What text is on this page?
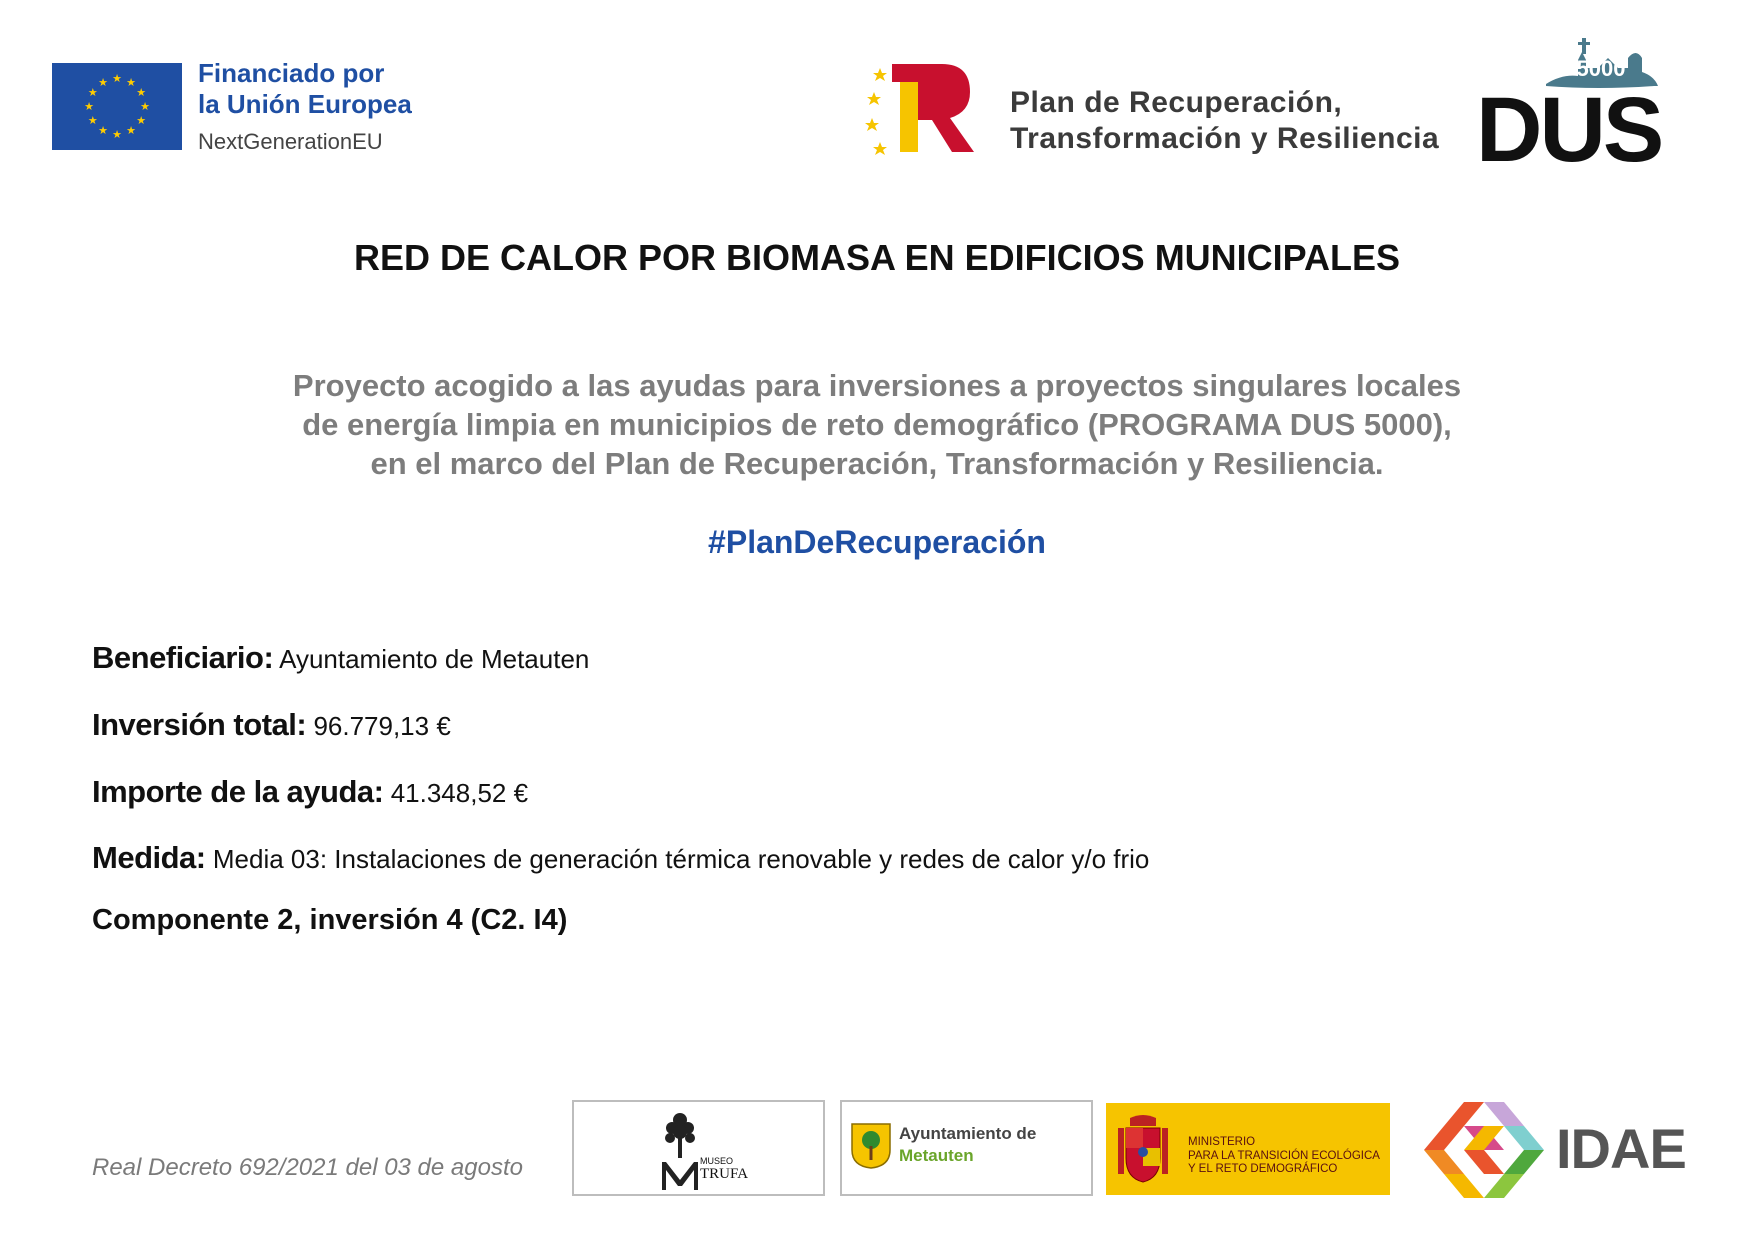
★ ★
★
★
★
★
★
★
★
★
★
★	Financiado por
la Unión Europea
NextGenerationEU
Plan de Recuperación,
Transformación y Resiliencia
5000
DUS
RED DE CALOR POR BIOMASA EN EDIFICIOS MUNICIPALES
Proyecto acogido a las ayudas para inversiones a proyectos singulares locales
de energía limpia en municipios de reto demográfico (PROGRAMA DUS 5000),
en el marco del Plan de Recuperación, Transformación y Resiliencia.
#PlanDeRecuperación
Beneficiario: Ayuntamiento de Metauten
Inversión total: 96.779,13 €
Importe de la ayuda: 41.348,52 €
Medida: Media 03: Instalaciones de generación térmica renovable y redes de calor y/o frio
Componente 2, inversión 4 (C2. I4)
Real Decreto 692/2021 del 03 de agosto	MUSEO
TRUFA
Ayuntamiento de
Metauten
MINISTERIO
PARA LA TRANSICIÓN ECOLÓGICA
Y EL RETO DEMOGRÁFICO	IDAE
